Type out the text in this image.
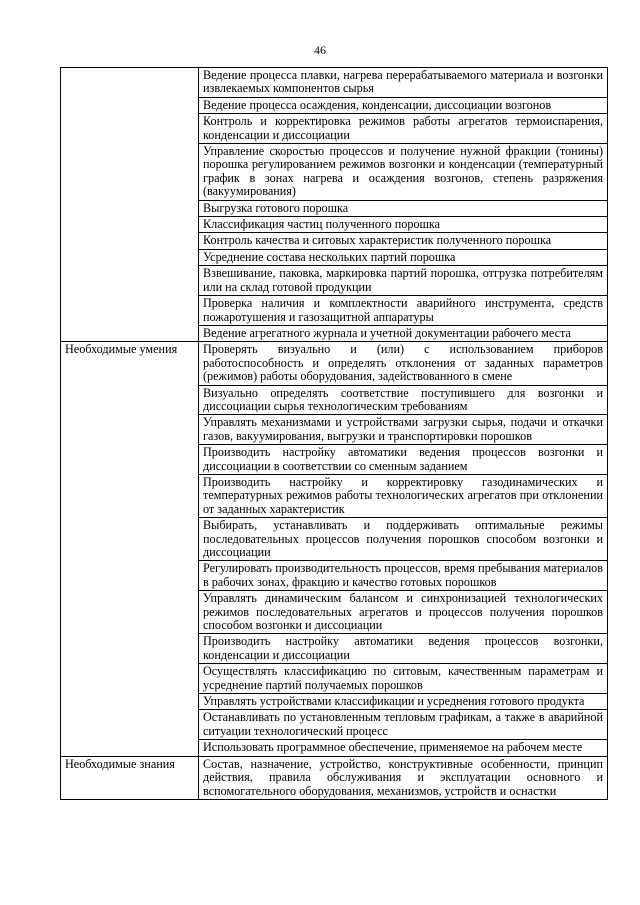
46
	Ведение процесса плавки, нагрева перерабатываемого материала и возгонки извлекаемых компонентов сырья
	Ведение процесса осаждения, конденсации, диссоциации возгонов
	Контроль и корректировка режимов работы агрегатов термоиспарения, конденсации и диссоциации
	Управление скоростью процессов и получение нужной фракции (тонины) порошка регулированием режимов возгонки и конденсации (температурный график в зонах нагрева и осаждения возгонов, степень разряжения (вакуумирования)
	Выгрузка готового порошка
	Классификация частиц полученного порошка
	Контроль качества и ситовых характеристик полученного порошка
	Усреднение состава нескольких партий порошка
	Взвешивание, паковка, маркировка партий порошка, отгрузка потребителям или на склад готовой продукции
	Проверка наличия и комплектности аварийного инструмента, средств пожаротушения и газозащитной аппаратуры
	Ведение агрегатного журнала и учетной документации рабочего места
Необходимые умения	Проверять визуально и (или) с использованием приборов работоспособность и определять отклонения от заданных параметров (режимов) работы оборудования, задействованного в смене
	Визуально определять соответствие поступившего для возгонки и диссоциации сырья технологическим требованиям
	Управлять механизмами и устройствами загрузки сырья, подачи и откачки газов, вакуумирования, выгрузки и транспортировки порошков
	Производить настройку автоматики ведения процессов возгонки и диссоциации в соответствии со сменным заданием
	Производить настройку и корректировку газодинамических и температурных режимов работы технологических агрегатов при отклонении от заданных характеристик
	Выбирать, устанавливать и поддерживать оптимальные режимы последовательных процессов получения порошков способом возгонки и диссоциации
	Регулировать производительность процессов, время пребывания материалов в рабочих зонах, фракцию и качество готовых порошков
	Управлять динамическим балансом и синхронизацией технологических режимов последовательных агрегатов и процессов получения порошков способом возгонки и диссоциации
	Производить настройку автоматики ведения процессов возгонки, конденсации и диссоциации
	Осуществлять классификацию по ситовым, качественным параметрам и усреднение партий получаемых порошков
	Управлять устройствами классификации и усреднения готового продукта
	Останавливать по установленным тепловым графикам, а также в аварийной ситуации технологический процесс
	Использовать программное обеспечение, применяемое на рабочем месте
Необходимые знания	Состав, назначение, устройство, конструктивные особенности, принцип действия, правила обслуживания и эксплуатации основного и вспомогательного оборудования, механизмов, устройств и оснастки
